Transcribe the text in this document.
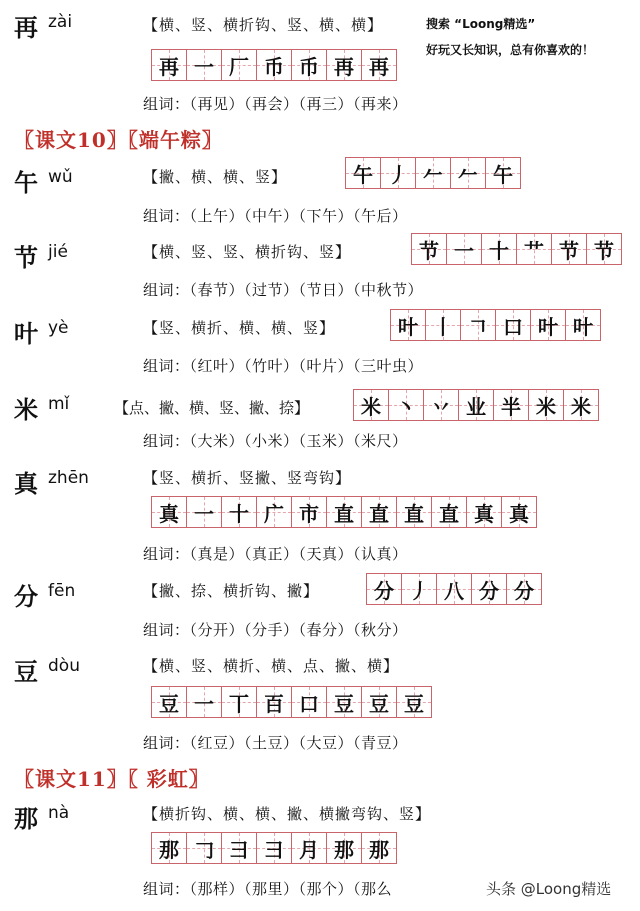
再 zài	【横、竖、横折钩、竖、横、横】	搜索 “Loong精选”
好玩又长知识，总有你喜欢的！
再 一 厂 币 币 再 再
组词：（再见）（再会）（再三）（再来）
〖课文10〗〖端午粽〗
午 wǔ	【撇、横、横、竖】	午 丿 𠂉 𠂉 午
组词：（上午）（中午）（下午）（午后）
节 jié	【横、竖、竖、横折钩、竖】	节 一 十 艹 节 节
组词：（春节）（过节）（节日）（中秋节）
叶 yè	【竖、横折、横、横、竖】	叶 丨 𠃍 口 叶 叶
组词：（红叶）（竹叶）（叶片）（三叶虫）
米 mǐ	【点、撇、横、竖、撇、捺】	米 丶 丷 业 半 米 米
组词：（大米）（小米）（玉米）（米尺）
真 zhēn	【竖、横折、竖撇、竖弯钩】
真 一 十 广 市 直 直 直 直 真 真
组词：（真是）（真正）（天真）（认真）
分 fēn	【撇、捺、横折钩、撇】	分 丿 八 分 分
组词：（分开）（分手）（春分）（秋分）
豆 dòu	【横、竖、横折、横、点、撇、横】
豆 一 丅 百 口 豆 豆 豆
组词：（红豆）（土豆）（大豆）（青豆）
〖课文11〗〖 彩虹〗
那 nà	【横折钩、横、横、撇、横撇弯钩、竖】
那 𠃌 彐 彐 月 那 那
组词：（那样）（那里）（那个）（那么	头条 @Loong精选
